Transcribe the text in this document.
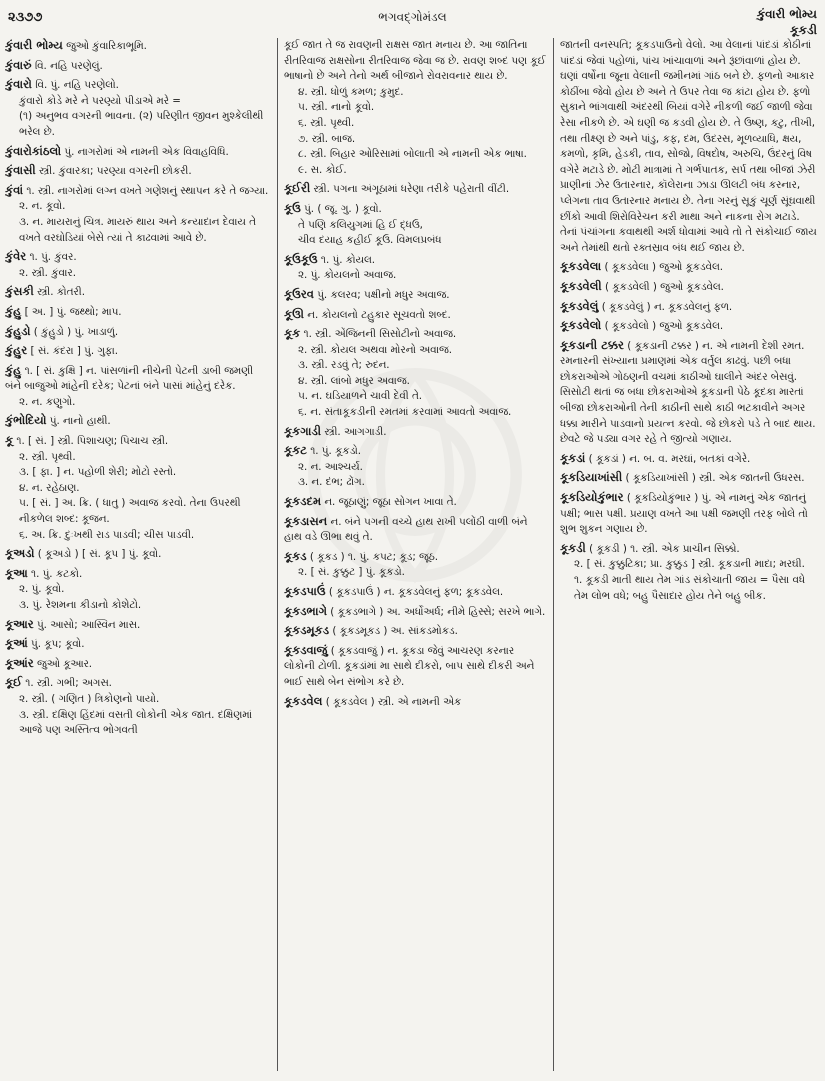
૨૩૭૭	ભગવદ્ગોમંડલ	કુંવારી ભોમ્ય
કૂકડી
કુંવારી ભોમ્ય જુઓ કુંવારિકાભૂમિ.
કુંવારું વિ. નહિ પરણેલું.
કુંવારો વિ. પું. નહિ પરણેલો.
કુંવારો કોડે મરે ને પરણ્યો પીડાએ મરે =
(૧) અનુભવ વગરની ભાવના. (૨) પરિણીત જીવન મુશ્કેલીથી ભરેલ છે.
કુંવારોકાંઠલો પું. નાગરોમાં એ નામની એક વિવાહવિધિ.
કુંવાસી સ્ત્રી. કુંવારકા; પરણ્યા વગરની છોકરી.
કુંવાં ૧. સ્ત્રી. નાગરોમાં લગ્ન વખતે ગણેશનું સ્થાપન કરે તે જગ્યા.
૨. ન. કૂવો.
૩. ન. માયરાનું ચિત્ર. માયરું થાય અને કન્યાદાન દેવાય તે વખતે વરઘોડિયાં બેસે ત્યાં તે કાઢવામાં આવે છે.
કુંવેર ૧. પું. કુંવર.
૨. સ્ત્રી. કુંવાર.
કુંસકી સ્ત્રી. કોતરી.
કુંહુ [ અ. ] પું. જથ્થો; માપ.
કુંહુડો ( કુંહુડો ) પું. ખાડાળું.
કુંહુર [ સં. કંદરા ] પું. ગુફા.
કુંહુ ૧. [ સં. કુક્ષિ ] ન. પાંસળાંની નીચેની પેટની ડાબી જમણી બંને બાજુઓ માંહેની દરેક; પેટનાં બંને પાસાં માંહેનું દરેક.
૨. ન. કણુગો.
કુંભોદિયો પું. નાનો હાથી.
કૂ ૧. [ સં. ] સ્ત્રી. પિશાચણ; પિચાચ સ્ત્રી.
૨. સ્ત્રી. પૃથ્વી.
૩. [ ફા. ] ન. પહોળી શેરી; મોટો રસ્તો.
૪. ન. રહેઠાણ.
૫. [ સં. ] અ. ક્રિ. ( ધાતુ ) અવાજ કરવો. તેના ઉપરથી નીકળેલ શબ્દ: કૂજન.
૬. અ. ક્રિ. દુઃખથી રાડ પાડવી; ચીસ પાડવી.
કૂઅડો ( કૂઅડો ) [ સં. કૂપ ] પું. કૂવો.
કૂઆ ૧. પું. કટકો.
૨. પું. કૂવો.
૩. પું. રેશમના કીડાનો કોશેટો.
કૂઆર પું. આસો; આસ્વિન માસ.
કૂઆં પું. કૂપ; કૂવો.
કૂઆંર જુઓ કૂઆર.
કૂઈ ૧. સ્ત્રી. ગભી; અગસ.
૨. સ્ત્રી. ( ગણિત ) ત્રિકોણનો પાયો.
૩. સ્ત્રી. દક્ષિણ હિંદમાં વસતી લોકોની એક જાત. દક્ષિણમાં આજે પણ અસ્તિત્વ ભોગવતી
કૂઈ જાત તે જ રાવણની રાક્ષસ જાત મનાય છે. આ જાતિના રીતરિવાજ રાક્ષસોના રીતરિવાજ જેવા જ છે. રાવણ શબ્દ પણ કૂઈ ભાષાનો છે અને તેનો અર્થ બીજાને રોવરાવનાર થાય છે.
૪. સ્ત્રી. ધોળું કમળ; કુમુદ.
૫. સ્ત્રી. નાનો કૂવો.
૬. સ્ત્રી. પૃથ્વી.
૭. સ્ત્રી. બાજ.
૮. સ્ત્રી. બિહાર ઓરિસામાં બોલાતી એ નામની એક ભાષા.
૯. સ. કોઈ.
કૂઈરી સ્ત્રી. પગના અંગૂઠામાં ધરેણા તરીકે પહેરાતી વીંટી.
કૂઉ પું. ( જૂ. ગુ. ) કૂવો.
તે પણિ કલિયુગમાં હિ ઈ દ્ધઉ,
ચીવ દયાહ કહીઈ કૂઉ. વિમલપ્રબંધ
કૂઉકૂઉ ૧. પું. કોયલ.
૨. પું. કોયલનો અવાજ.
કૂઉરવ પું. કલરવ; પક્ષીનો મધુર અવાજ.
કૂઊ ન. કોયલનો ટહુકાર સૂચવતો શબ્દ.
કૂક ૧. સ્ત્રી. એંજિનની સિસોટીનો અવાજ.
૨. સ્ત્રી. કોયલ અથવા મોરનો અવાજ.
૩. સ્ત્રી. રડવું તે; રુદન.
૪. સ્ત્રી. લાંબો મધુર અવાજ.
૫. ન. ઘડિયાળને ચાવી દેવી તે.
૬. ન. સંતાકૂકડીની રમતમાં કરવામાં આવતો અવાજ.
કૂકગાડી સ્ત્રી. આગગાડી.
કૂકટ ૧. પું. કૂકડો.
૨. ન. આશ્ચર્ય.
૩. ન. દંભ; ઢોંગ.
કૂકડદમ ન. જૂઠાણું; જૂઠા સોગન ખાવા તે.
કૂકડાસન ન. બંને પગની વચ્ચે હાથ રાખી પલોંઠી વાળી બંને હાથ વડે ઊભા થવું તે.
કૂકડ ( કૂકડ ) ૧. પું. કપટ; કૂડ; જૂઠ.
૨. [ સં. કુક્કુટ ] પું. કૂકડો.
કૂકડપાઉં ( કૂકડપાઉં ) ન. કૂકડવેલનું ફળ; કૂકડવેલ.
કૂકડભાગે ( કૂકડભાગે ) અ. અર્ધોઅર્ધ; નીમે હિસ્સે; સરખે ભાગે.
કૂકડમૂકડ ( કૂકડમૂકડ ) અ. સાંકડમોકડ.
કૂકડવાજું ( કૂકડવાજું ) ન. કૂકડા જેવું આચરણ કરનાર લોકોની ટોળી. કૂકડાંમાં મા સાથે દીકરો, બાપ સાથે દીકરી અને ભાઈ સાથે બેન સંભોગ કરે છે.
કૂકડવેલ ( કૂકડવેલ ) સ્ત્રી. એ નામની એક
જાતની વનસ્પતિ; કૂકડપાઉંનો વેલો. આ વેલાનાં પાંદડાં કોઠીનાં પાંદડાં જેવાં પહોળાં, પાંચ ખાંચાવાળાં અને રૂંછાંવાળાં હોય છે. ઘણાં વર્ષોના જૂના વેલાની જમીનમાં ગાંઠ બને છે. ફળનો આકાર કોઠીંબા જેવો હોય છે અને તે ઉપર તેવા જ કાંટા હોય છે. ફળો સુકાને ભાંગવાથી અંદરથી બિયાં વગેરે નીકળી જઈ જાળી જેવા રેસા નીકળે છે. એ ઘણી જ કડવી હોય છે. તે ઉષ્ણ, કટુ, તીખી, તથા તીક્ષ્ણ છે અને પાંડુ, કફ, દમ, ઉદરસ, મૂળવ્યાધિ, ક્ષય, કમળો, કૃમિ, હેડકી, તાવ, સોજો, વિષદોષ, અરુચિ, ઉંદરનું વિષ વગેરે મટાડે છે. મોટી માત્રામાં તે ગર્ભપાતક, સર્પ તથા બીજાં ઝેરી પ્રાણીનાં ઝેર ઉતારનાર, કૉલેરાના ઝાડા ઊલટી બંધ કરનાર, પ્લેગના તાવ ઉતારનાર મનાય છે. તેના ગરનું સૂકું ચૂર્ણ સૂંઘવાથી છીંકો આવી શિરોવિરેચન કરી માથા અને નાકના રોગ મટાડે. તેનાં પંચાંગના કવાથથી અર્શ ધોવામાં આવે તો તે સંકોચાઈ જાય અને તેમાંથી થતો રક્તસ્રાવ બંધ થઈ જાય છે.
કૂકડવેલા ( કૂકડવેલા ) જુઓ કૂકડવેલ.
કૂકડવેલી ( કૂકડવેલી ) જુઓ કૂકડવેલ.
કૂકડવેલું ( કૂકડવેલું ) ન. કૂકડવેલનું ફળ.
કૂકડવેલો ( કૂકડવેલો ) જુઓ કૂકડવેલ.
કૂકડાની ટક્કર ( કૂકડાની ટક્કર ) ન. એ નામની દેશી રમત. રમનારની સંખ્યાના પ્રમાણમાં એક વર્તુલ કાઢવું. પછી બધા છોકરાઓએ ગોઠણની વચમાં કાઠીઓ ઘાલીને અંદર બેસવું. સિસોટી થતાં જ બધા છોકરાઓએ કૂકડાની પેઠે કૂદકા મારતાં બીજા છોકરાઓની તેની કાઠીની સાથે કાઠી ભટકાવીને અગર ધક્કા મારીને પાડવાનો પ્રયત્ન કરવો. જે છોકરો પડે તે બાદ થાય. છેવટે જે પડ્યા વગર રહે તે જીત્યો ગણાય.
કૂકડાં ( કૂકડાં ) ન. બ. વ. મરઘાં, બતકાં વગેરે.
કૂકડિયાખાંસી ( કૂકડિયાખાંસી ) સ્ત્રી. એક જાતની ઉધરસ.
કૂકડિયોકુંભાર ( કૂકડિયોકુંભાર ) પું. એ નામનું એક જાતનું પક્ષી; ભાસ પક્ષી. પ્રયાણ વખતે આ પક્ષી જમણી તરફ બોલે તો શુભ શુકન ગણાય છે.
કૂકડી ( કૂકડી ) ૧. સ્ત્રી. એક પ્રાચીન સિક્કો.
૨. [ સં. કુક્કુટિકા; પ્રા. કુક્કુડ ] સ્ત્રી. કૂકડાની માદા; મરઘી.
૧. કૂકડી માતી થાય તેમ ગાંડ સંકોચાતી જાય = પૈસા વધે તેમ લોભ વધે; બહુ પૈસાદાર હોય તેને બહુ બીક.
